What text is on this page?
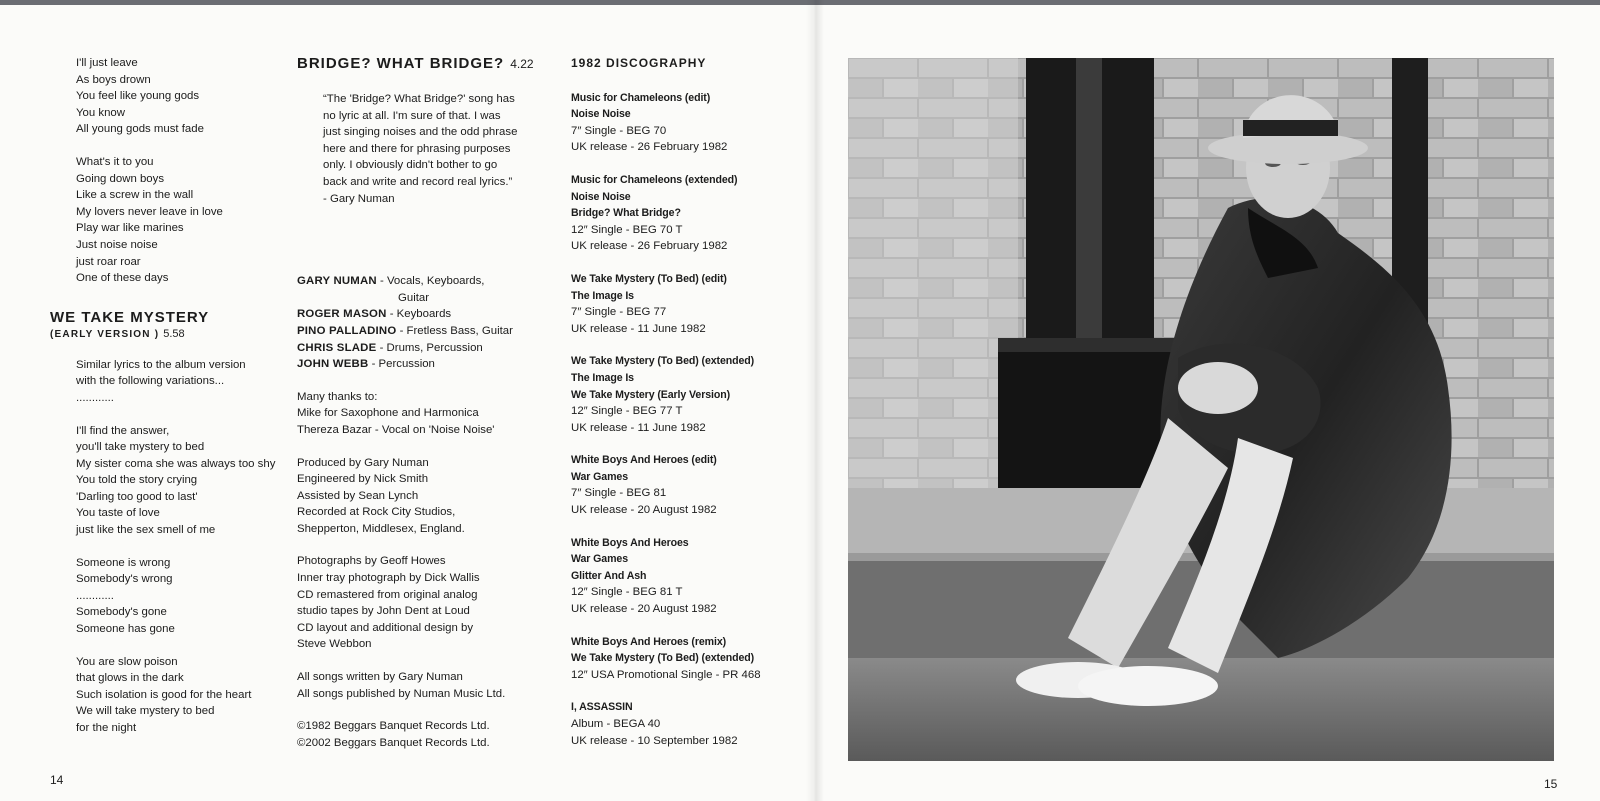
I'll just leave
As boys drown
You feel like young gods
You know
All young gods must fade
What's it to you
Going down boys
Like a screw in the wall
My lovers never leave in love
Play war like marines
Just noise noise
just roar roar
One of these days
WE TAKE MYSTERY
(EARLY VERSION ) 5.58
Similar lyrics to the album version
with the following variations...
............
I'll find the answer,
you'll take mystery to bed
My sister coma she was always too shy
You told the story crying
'Darling too good to last'
You taste of love
just like the sex smell of me
Someone is wrong
Somebody's wrong
............
Somebody's gone
Someone has gone
You are slow poison
that glows in the dark
Such isolation is good for the heart
We will take mystery to bed
for the night
BRIDGE? WHAT BRIDGE? 4.22
“The 'Bridge? What Bridge?' song has
no lyric at all. I'm sure of that. I was
just singing noises and the odd phrase
here and there for phrasing purposes
only. I obviously didn't bother to go
back and write and record real lyrics.”
- Gary Numan
GARY NUMAN - Vocals, Keyboards,
Guitar
ROGER MASON - Keyboards
PINO PALLADINO - Fretless Bass, Guitar
CHRIS SLADE - Drums, Percussion
JOHN WEBB - Percussion
Many thanks to:
Mike for Saxophone and Harmonica
Thereza Bazar - Vocal on 'Noise Noise'
Produced by Gary Numan
Engineered by Nick Smith
Assisted by Sean Lynch
Recorded at Rock City Studios,
Shepperton, Middlesex, England.
Photographs by Geoff Howes
Inner tray photograph by Dick Wallis
CD remastered from original analog
studio tapes by John Dent at Loud
CD layout and additional design by
Steve Webbon
All songs written by Gary Numan
All songs published by Numan Music Ltd.
©1982 Beggars Banquet Records Ltd.
©2002 Beggars Banquet Records Ltd.
1982 DISCOGRAPHY
Music for Chameleons (edit)
Noise Noise
7″ Single - BEG 70
UK release - 26 February 1982
Music for Chameleons (extended)
Noise Noise
Bridge? What Bridge?
12″ Single - BEG 70 T
UK release - 26 February 1982
We Take Mystery (To Bed) (edit)
The Image Is
7″ Single - BEG 77
UK release - 11 June 1982
We Take Mystery (To Bed) (extended)
The Image Is
We Take Mystery (Early Version)
12″ Single - BEG 77 T
UK release - 11 June 1982
White Boys And Heroes (edit)
War Games
7″ Single - BEG 81
UK release - 20 August 1982
White Boys And Heroes
War Games
Glitter And Ash
12″ Single - BEG 81 T
UK release - 20 August 1982
White Boys And Heroes (remix)
We Take Mystery (To Bed) (extended)
12″ USA Promotional Single - PR 468
I, ASSASSIN
Album - BEGA 40
UK release - 10 September 1982
14	15
